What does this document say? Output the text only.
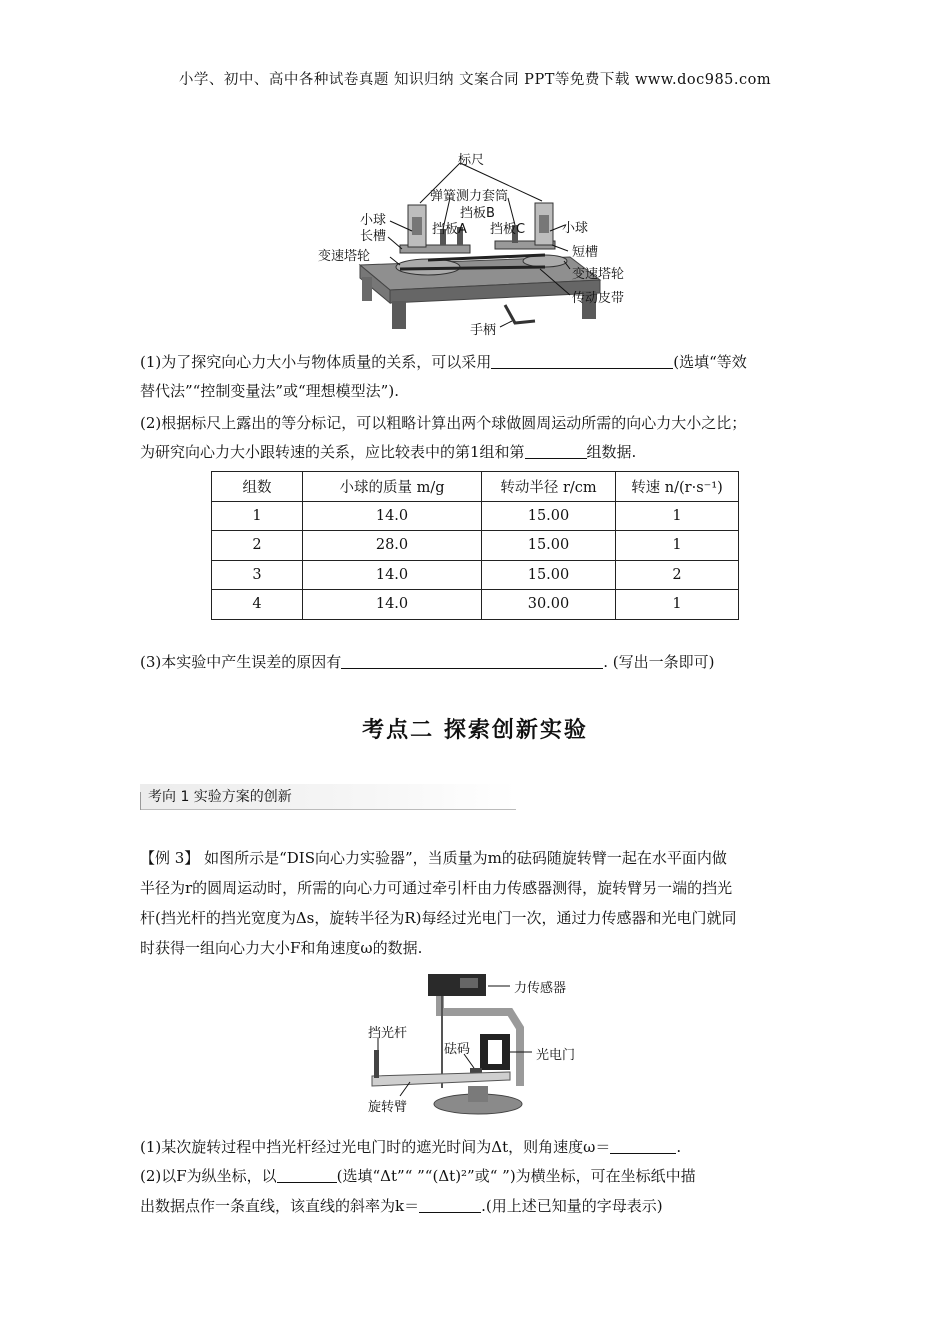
小学、初中、高中各种试卷真题 知识归纳 文案合同 PPT等免费下载 www.doc985.com
标尺
弹簧测力套筒
挡板B
小球
挡板A 挡板C	小球
长槽
短槽
变速塔轮
变速塔轮
传动皮带
手柄
(1)为了探究向心力大小与物体质量的关系，可以采用	(选填“等效
替代法”“控制变量法”或“理想模型法”).
(2)根据标尺上露出的等分标记，可以粗略计算出两个球做圆周运动所需的向心力大小之比；
为研究向心力大小跟转速的关系，应比较表中的第1组和第	组数据.
组数	小球的质量 m/g	转动半径 r/cm	转速 n/(r·s⁻¹)
1	14.0	15.00	1
2	28.0	15.00	1
3	14.0	15.00	2
4	14.0	30.00	1
(3)本实验中产生误差的原因有	. (写出一条即可)
考点二 探索创新实验
考向 1 实验方案的创新
【例 3】 如图所示是“DIS向心力实验器”，当质量为m的砝码随旋转臂一起在水平面内做
半径为r的圆周运动时，所需的向心力可通过牵引杆由力传感器测得，旋转臂另一端的挡光
杆(挡光杆的挡光宽度为Δs，旋转半径为R)每经过光电门一次，通过力传感器和光电门就同
时获得一组向心力大小F和角速度ω的数据.
力传感器
挡光杆
砝码	光电门
旋转臂
(1)某次旋转过程中挡光杆经过光电门时的遮光时间为Δt，则角速度ω＝	.
(2)以F为纵坐标，以	(选填“Δt”“ ”“(Δt)²”或“ ”)为横坐标，可在坐标纸中描
出数据点作一条直线，该直线的斜率为k＝	.(用上述已知量的字母表示)
